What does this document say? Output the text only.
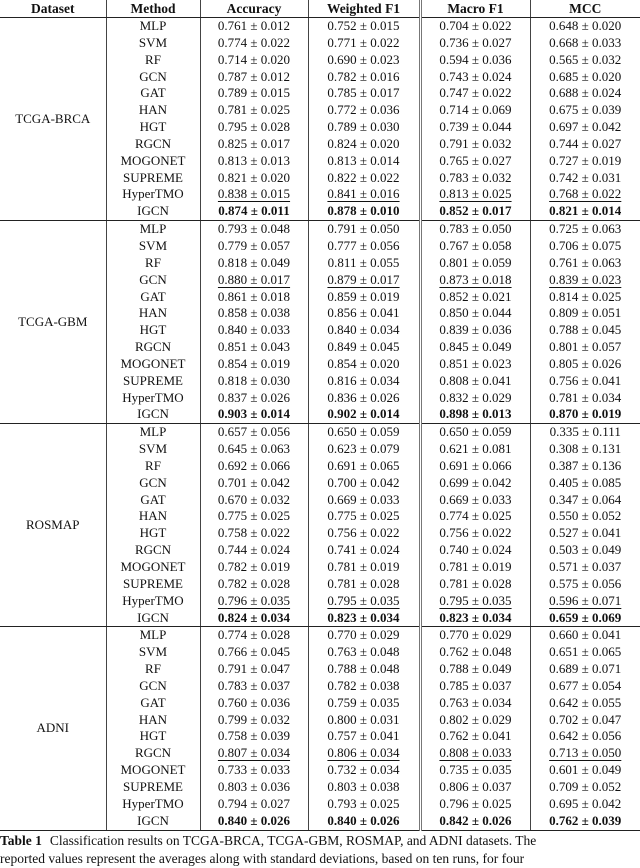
Dataset	Method	Accuracy	Weighted F1	Macro F1	MCC
TCGA-BRCA	MLP	0.761 ± 0.012	0.752 ± 0.015	0.704 ± 0.022	0.648 ± 0.020
	SVM	0.774 ± 0.022	0.771 ± 0.022	0.736 ± 0.027	0.668 ± 0.033
	RF	0.714 ± 0.020	0.690 ± 0.023	0.594 ± 0.036	0.565 ± 0.032
	GCN	0.787 ± 0.012	0.782 ± 0.016	0.743 ± 0.024	0.685 ± 0.020
	GAT	0.789 ± 0.015	0.785 ± 0.017	0.747 ± 0.022	0.688 ± 0.024
	HAN	0.781 ± 0.025	0.772 ± 0.036	0.714 ± 0.069	0.675 ± 0.039
	HGT	0.795 ± 0.028	0.789 ± 0.030	0.739 ± 0.044	0.697 ± 0.042
	RGCN	0.825 ± 0.017	0.824 ± 0.020	0.791 ± 0.032	0.744 ± 0.027
	MOGONET	0.813 ± 0.013	0.813 ± 0.014	0.765 ± 0.027	0.727 ± 0.019
	SUPREME	0.821 ± 0.020	0.822 ± 0.022	0.783 ± 0.032	0.742 ± 0.031
	HyperTMO	0.838 ± 0.015	0.841 ± 0.016	0.813 ± 0.025	0.768 ± 0.022
	IGCN	0.874 ± 0.011	0.878 ± 0.010	0.852 ± 0.017	0.821 ± 0.014
TCGA-GBM	MLP	0.793 ± 0.048	0.791 ± 0.050	0.783 ± 0.050	0.725 ± 0.063
	SVM	0.779 ± 0.057	0.777 ± 0.056	0.767 ± 0.058	0.706 ± 0.075
	RF	0.818 ± 0.049	0.811 ± 0.055	0.801 ± 0.059	0.761 ± 0.063
	GCN	0.880 ± 0.017	0.879 ± 0.017	0.873 ± 0.018	0.839 ± 0.023
	GAT	0.861 ± 0.018	0.859 ± 0.019	0.852 ± 0.021	0.814 ± 0.025
	HAN	0.858 ± 0.038	0.856 ± 0.041	0.850 ± 0.044	0.809 ± 0.051
	HGT	0.840 ± 0.033	0.840 ± 0.034	0.839 ± 0.036	0.788 ± 0.045
	RGCN	0.851 ± 0.043	0.849 ± 0.045	0.845 ± 0.049	0.801 ± 0.057
	MOGONET	0.854 ± 0.019	0.854 ± 0.020	0.851 ± 0.023	0.805 ± 0.026
	SUPREME	0.818 ± 0.030	0.816 ± 0.034	0.808 ± 0.041	0.756 ± 0.041
	HyperTMO	0.837 ± 0.026	0.836 ± 0.026	0.832 ± 0.029	0.781 ± 0.034
	IGCN	0.903 ± 0.014	0.902 ± 0.014	0.898 ± 0.013	0.870 ± 0.019
ROSMAP	MLP	0.657 ± 0.056	0.650 ± 0.059	0.650 ± 0.059	0.335 ± 0.111
	SVM	0.645 ± 0.063	0.623 ± 0.079	0.621 ± 0.081	0.308 ± 0.131
	RF	0.692 ± 0.066	0.691 ± 0.065	0.691 ± 0.066	0.387 ± 0.136
	GCN	0.701 ± 0.042	0.700 ± 0.042	0.699 ± 0.042	0.405 ± 0.085
	GAT	0.670 ± 0.032	0.669 ± 0.033	0.669 ± 0.033	0.347 ± 0.064
	HAN	0.775 ± 0.025	0.775 ± 0.025	0.774 ± 0.025	0.550 ± 0.052
	HGT	0.758 ± 0.022	0.756 ± 0.022	0.756 ± 0.022	0.527 ± 0.041
	RGCN	0.744 ± 0.024	0.741 ± 0.024	0.740 ± 0.024	0.503 ± 0.049
	MOGONET	0.782 ± 0.019	0.781 ± 0.019	0.781 ± 0.019	0.571 ± 0.037
	SUPREME	0.782 ± 0.028	0.781 ± 0.028	0.781 ± 0.028	0.575 ± 0.056
	HyperTMO	0.796 ± 0.035	0.795 ± 0.035	0.795 ± 0.035	0.596 ± 0.071
	IGCN	0.824 ± 0.034	0.823 ± 0.034	0.823 ± 0.034	0.659 ± 0.069
ADNI	MLP	0.774 ± 0.028	0.770 ± 0.029	0.770 ± 0.029	0.660 ± 0.041
	SVM	0.766 ± 0.045	0.763 ± 0.048	0.762 ± 0.048	0.651 ± 0.065
	RF	0.791 ± 0.047	0.788 ± 0.048	0.788 ± 0.049	0.689 ± 0.071
	GCN	0.783 ± 0.037	0.782 ± 0.038	0.785 ± 0.037	0.677 ± 0.054
	GAT	0.760 ± 0.036	0.759 ± 0.035	0.763 ± 0.034	0.642 ± 0.055
	HAN	0.799 ± 0.032	0.800 ± 0.031	0.802 ± 0.029	0.702 ± 0.047
	HGT	0.758 ± 0.039	0.757 ± 0.041	0.762 ± 0.041	0.642 ± 0.056
	RGCN	0.807 ± 0.034	0.806 ± 0.034	0.808 ± 0.033	0.713 ± 0.050
	MOGONET	0.733 ± 0.033	0.732 ± 0.034	0.735 ± 0.035	0.601 ± 0.049
	SUPREME	0.803 ± 0.036	0.803 ± 0.038	0.806 ± 0.037	0.709 ± 0.052
	HyperTMO	0.794 ± 0.027	0.793 ± 0.025	0.796 ± 0.025	0.695 ± 0.042
	IGCN	0.840 ± 0.026	0.840 ± 0.026	0.842 ± 0.026	0.762 ± 0.039
Table 1 Classification results on TCGA-BRCA, TCGA-GBM, ROSMAP, and ADNI datasets. The
reported values represent the averages along with standard deviations, based on ten runs, for four
